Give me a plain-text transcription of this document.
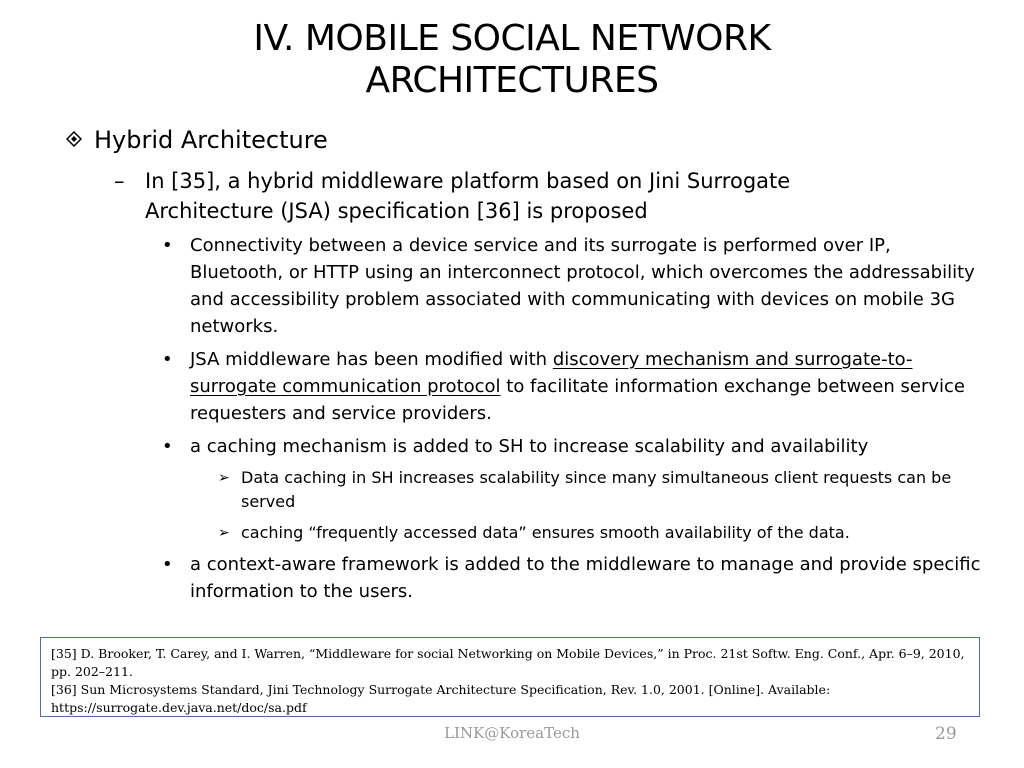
IV. MOBILE SOCIAL NETWORK
ARCHITECTURES
Hybrid Architecture
– In [35], a hybrid middleware platform based on Jini Surrogate Architecture (JSA) specification [36] is proposed
• Connectivity between a device service and its surrogate is performed over IP, Bluetooth, or HTTP using an interconnect protocol, which overcomes the addressability and accessibility problem associated with communicating with devices on mobile 3G networks.
• JSA middleware has been modified with discovery mechanism and surrogate-to-surrogate communication protocol to facilitate information exchange between service requesters and service providers.
• a caching mechanism is added to SH to increase scalability and availability
➢ Data caching in SH increases scalability since many simultaneous client requests can be served
➢ caching “frequently accessed data” ensures smooth availability of the data.
• a context-aware framework is added to the middleware to manage and provide specific information to the users.
[35] D. Brooker, T. Carey, and I. Warren, “Middleware for social Networking on Mobile Devices,” in Proc. 21st Softw. Eng. Conf., Apr. 6–9, 2010, pp. 202–211.
[36] Sun Microsystems Standard, Jini Technology Surrogate Architecture Specification, Rev. 1.0, 2001. [Online]. Available: https://surrogate.dev.java.net/doc/sa.pdf
LINK@KoreaTech	29
